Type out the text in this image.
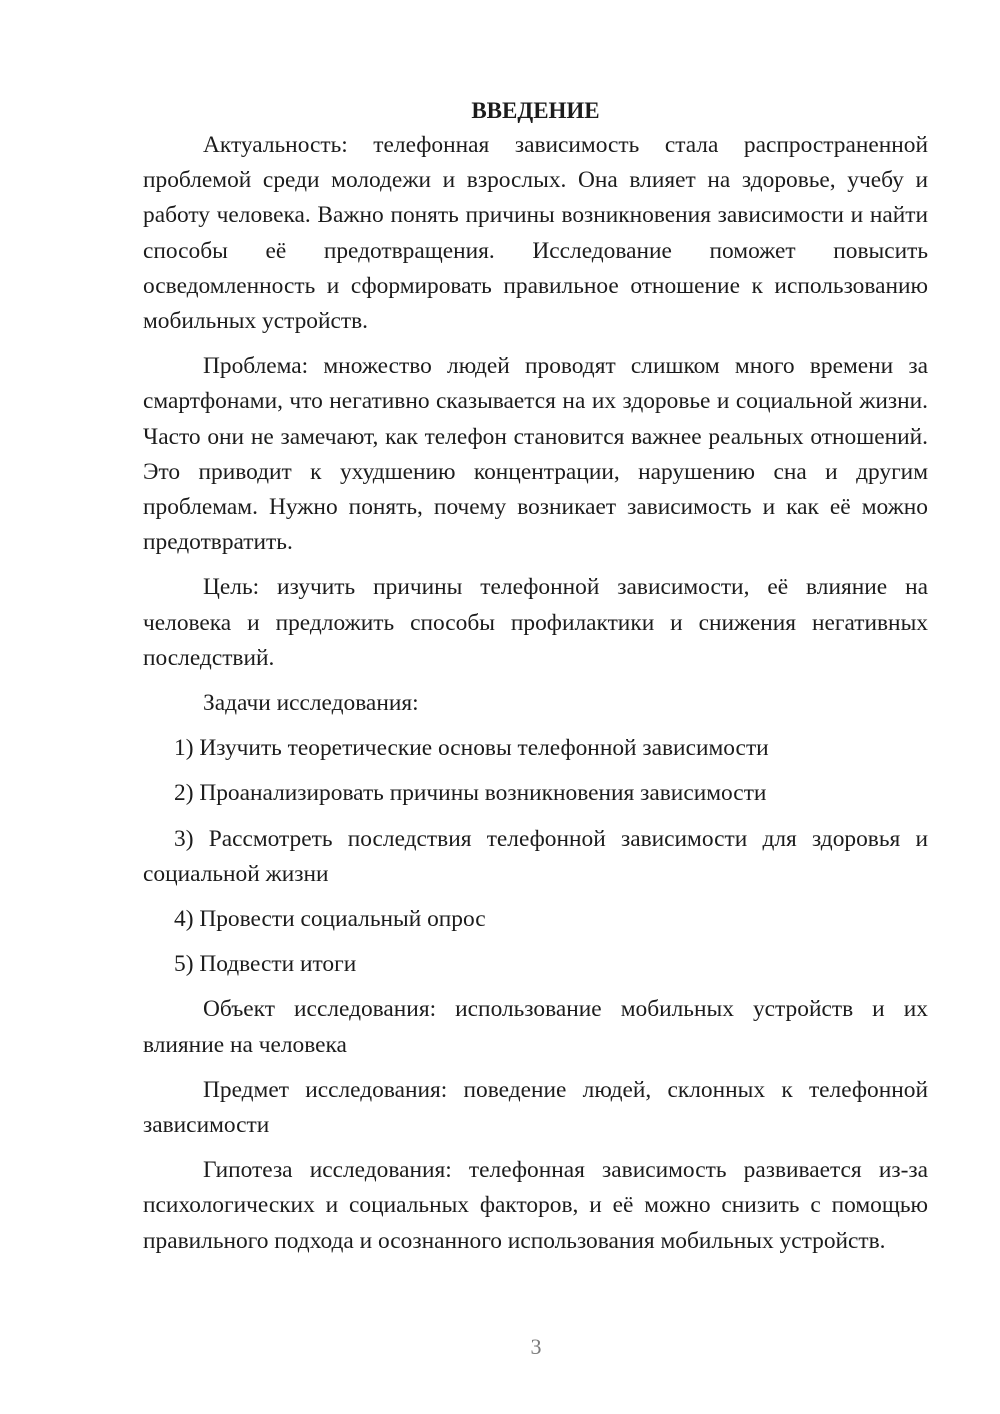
ВВЕДЕНИЕ

Актуальность: телефонная зависимость стала распространенной проблемой среди молодежи и взрослых. Она влияет на здоровье, учебу и работу человека. Важно понять причины возникновения зависимости и найти способы её предотвращения. Исследование поможет повысить осведомленность и сформировать правильное отношение к использованию мобильных устройств.

Проблема: множество людей проводят слишком много времени за смартфонами, что негативно сказывается на их здоровье и социальной жизни. Часто они не замечают, как телефон становится важнее реальных отношений. Это приводит к ухудшению концентрации, нарушению сна и другим проблемам. Нужно понять, почему возникает зависимость и как её можно предотвратить.

Цель: изучить причины телефонной зависимости, её влияние на человека и предложить способы профилактики и снижения негативных последствий.

Задачи исследования:

1) Изучить теоретические основы телефонной зависимости

2) Проанализировать причины возникновения зависимости

3) Рассмотреть последствия телефонной зависимости для здоровья и социальной жизни

4) Провести социальный опрос

5) Подвести итоги

Объект исследования: использование мобильных устройств и их влияние на человека

Предмет исследования: поведение людей, склонных к телефонной зависимости

Гипотеза исследования: телефонная зависимость развивается из-за психологических и социальных факторов, и её можно снизить с помощью правильного подхода и осознанного использования мобильных устройств.

3
